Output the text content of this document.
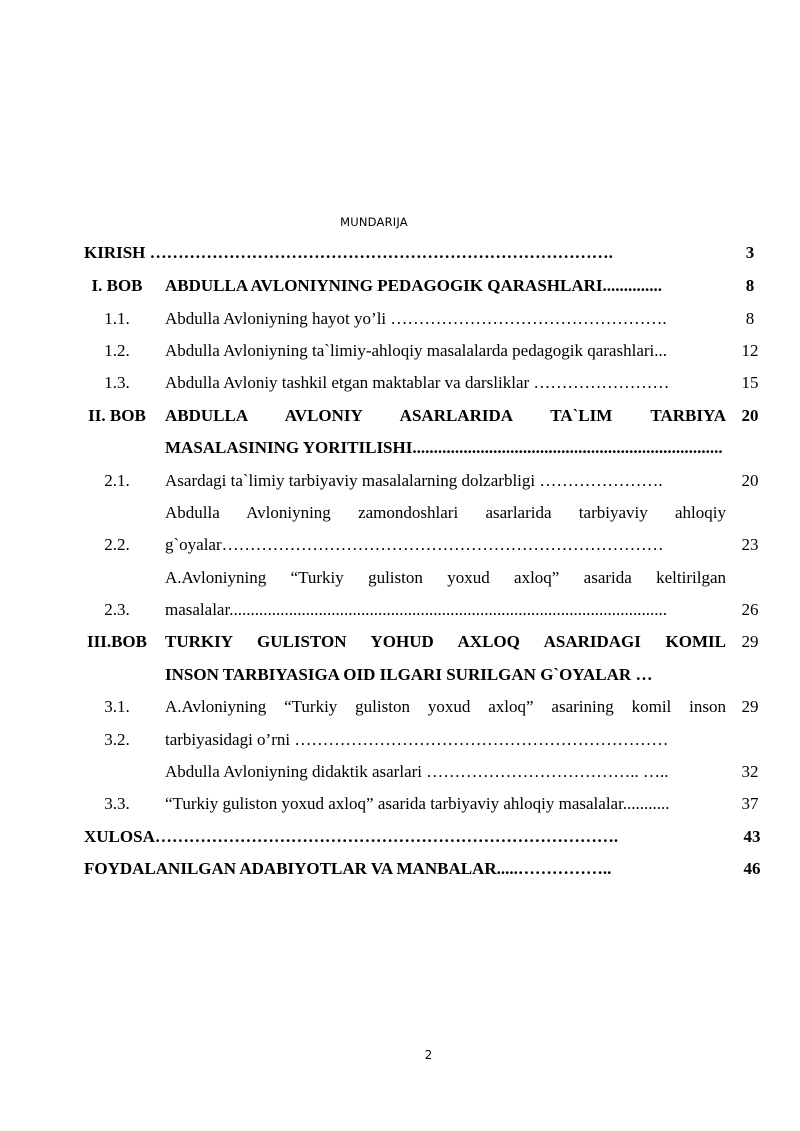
MUNDARIJA
KIRISH ……………………………………………………………………….	3
I. BOB	ABDULLA AVLONIYNING PEDAGOGIK QARASHLARI..............	8
1.1.	Abdulla Avloniyning hayot yo’li ………………………………………….	8
1.2.	Abdulla Avloniyning ta`limiy-ahloqiy masalalarda pedagogik qarashlari...	12
1.3.	Abdulla Avloniy tashkil etgan maktablar va darsliklar ……………………	15
II. BOB	ABDULLA AVLONIY ASARLARIDA TA`LIM TARBIYA 20
MASALASINING YORITILISHI.........................................................................
2.1.	Asardagi ta`limiy tarbiyaviy masalalarning dolzarbligi ………………….	20
Abdulla Avloniyning zamondoshlari asarlarida tarbiyaviy ahloqiy
2.2.	g`oyalar……………………………………………………………………	23
A.Avloniyning “Turkiy guliston yoxud axloq” asarida keltirilgan
2.3.	masalalar.......................................................................................................	26
III.BOB	TURKIY GULISTON YOHUD AXLOQ ASARIDAGI KOMIL 29
INSON TARBIYASIGA OID ILGARI SURILGAN G`OYALAR …
3.1.	A.Avloniyning “Turkiy guliston yoxud axloq” asarining komil inson 29
3.2.	tarbiyasidagi o’rni …………………………………………………………
Abdulla Avloniyning didaktik asarlari ……………………………….. …..	32
3.3.	“Turkiy guliston yoxud axloq” asarida tarbiyaviy ahloqiy masalalar...........	37
XULOSA……………………………………………………………………….	43
FOYDALANILGAN ADABIYOTLAR VA MANBALAR.....……………..	46
2
